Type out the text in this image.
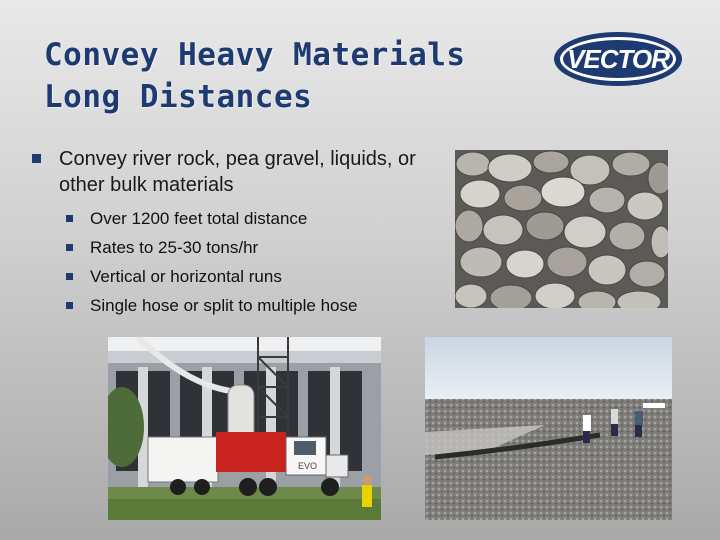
Convey Heavy Materials
Long Distances
VECTOR
Convey river rock, pea gravel, liquids, or other bulk materials
Over 1200 feet total distance
Rates to 25-30 tons/hr
Vertical or horizontal runs
Single hose or split to multiple hose
EVO
